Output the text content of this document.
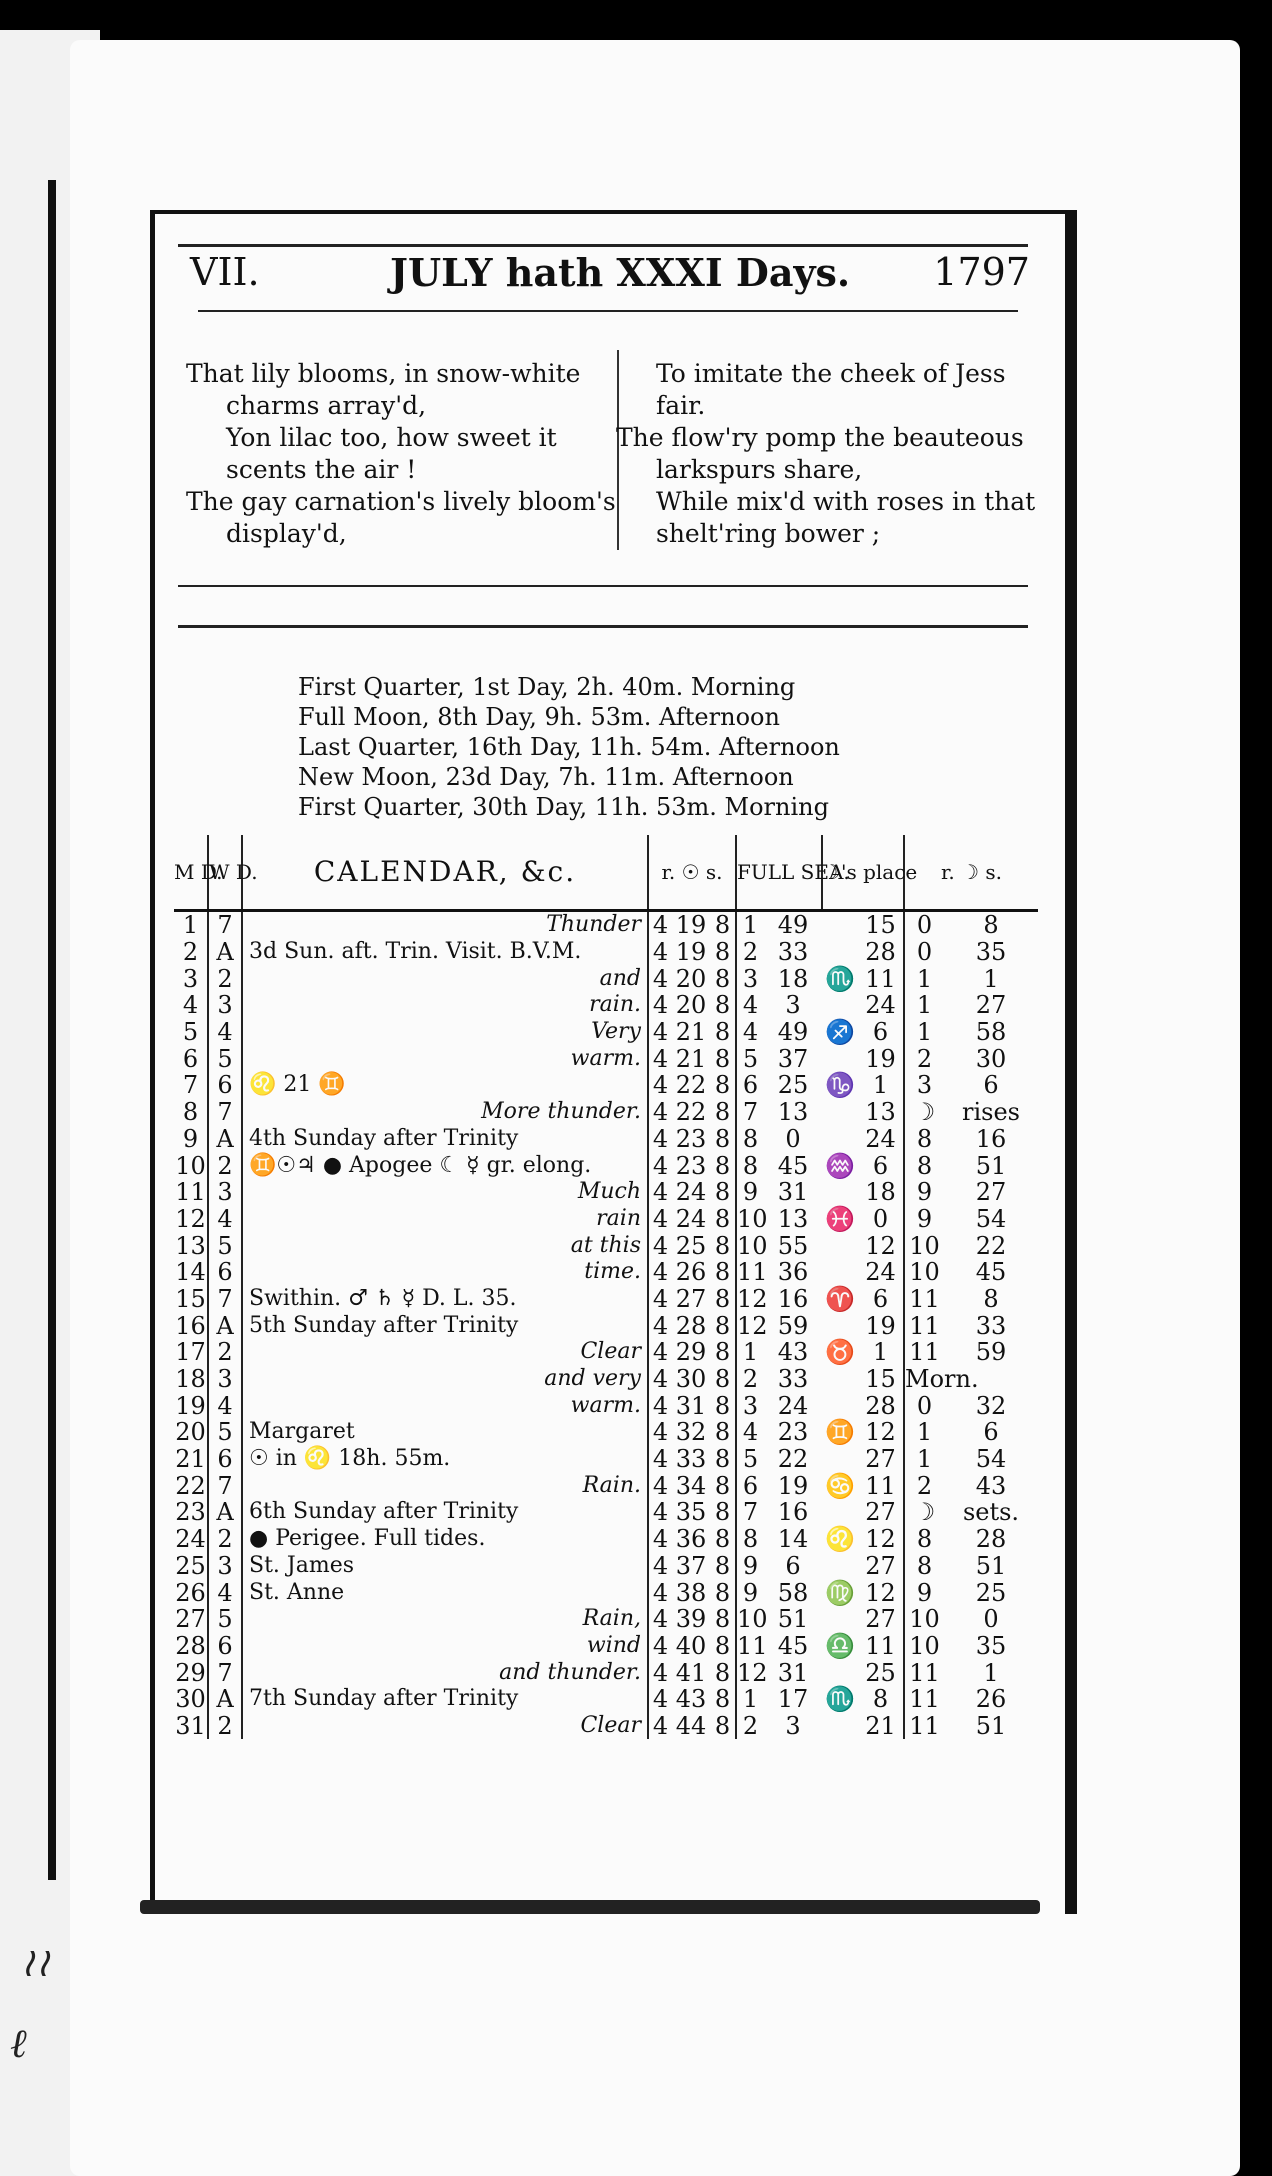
VII.	JULY hath XXXI Days. 1797
That lily blooms, in snow-white
charms array'd,
Yon lilac too, how sweet it
scents the air !
The gay carnation's lively bloom's
display'd,
To imitate the cheek of Jess
fair.
The flow'ry pomp the beauteous
larkspurs share,
While mix'd with roses in that
shelt'ring bower ;
First Quarter, 1st Day, 2h. 40m. Morning
Full Moon, 8th Day, 9h. 53m. Afternoon
Last Quarter, 16th Day, 11h. 54m. Afternoon
New Moon, 23d Day, 7h. 11m. Afternoon
First Quarter, 30th Day, 11h. 53m. Morning
M D.	W D.	CALENDAR, &c.	r. ☉ s.			FULL SEA.		☽'s place		r. ☽ s.	
1	7	Thunder	4	19	8	1	49		15	0	8
2	A	3d Sun. aft. Trin. Visit. B.V.M.	4	19	8	2	33		28	0	35
3	2	and	4	20	8	3	18	♏	11	1	1
4	3	rain.	4	20	8	4	3		24	1	27
5	4	Very	4	21	8	4	49	♐	6	1	58
6	5	warm.	4	21	8	5	37		19	2	30
7	6	♌ 21 ♊	4	22	8	6	25	♑	1	3	6
8	7	More thunder.	4	22	8	7	13		13	☽	rises
9	A	4th Sunday after Trinity	4	23	8	8	0		24	8	16
10	2	♊☉♃ ● Apogee ☾ ☿ gr. elong.	4	23	8	8	45	♒	6	8	51
11	3	Much	4	24	8	9	31		18	9	27
12	4	rain	4	24	8	10	13	♓	0	9	54
13	5	at this	4	25	8	10	55		12	10	22
14	6	time.	4	26	8	11	36		24	10	45
15	7	Swithin. ♂ ♄ ☿ D. L. 35.	4	27	8	12	16	♈	6	11	8
16	A	5th Sunday after Trinity	4	28	8	12	59		19	11	33
17	2	Clear	4	29	8	1	43	♉	1	11	59
18	3	and very	4	30	8	2	33		15	Morn.	
19	4	warm.	4	31	8	3	24		28	0	32
20	5	Margaret	4	32	8	4	23	♊	12	1	6
21	6	☉ in ♌ 18h. 55m.	4	33	8	5	22		27	1	54
22	7	Rain.	4	34	8	6	19	♋	11	2	43
23	A	6th Sunday after Trinity	4	35	8	7	16		27	☽	sets.
24	2	● Perigee. Full tides.	4	36	8	8	14	♌	12	8	28
25	3	St. James	4	37	8	9	6		27	8	51
26	4	St. Anne	4	38	8	9	58	♍	12	9	25
27	5	Rain,	4	39	8	10	51		27	10	0
28	6	wind	4	40	8	11	45	♎	11	10	35
29	7	and thunder.	4	41	8	12	31		25	11	1
30	A	7th Sunday after Trinity	4	43	8	1	17	♏	8	11	26
31	2	Clear	4	44	8	2	3		21	11	51
≀≀
ℓ
